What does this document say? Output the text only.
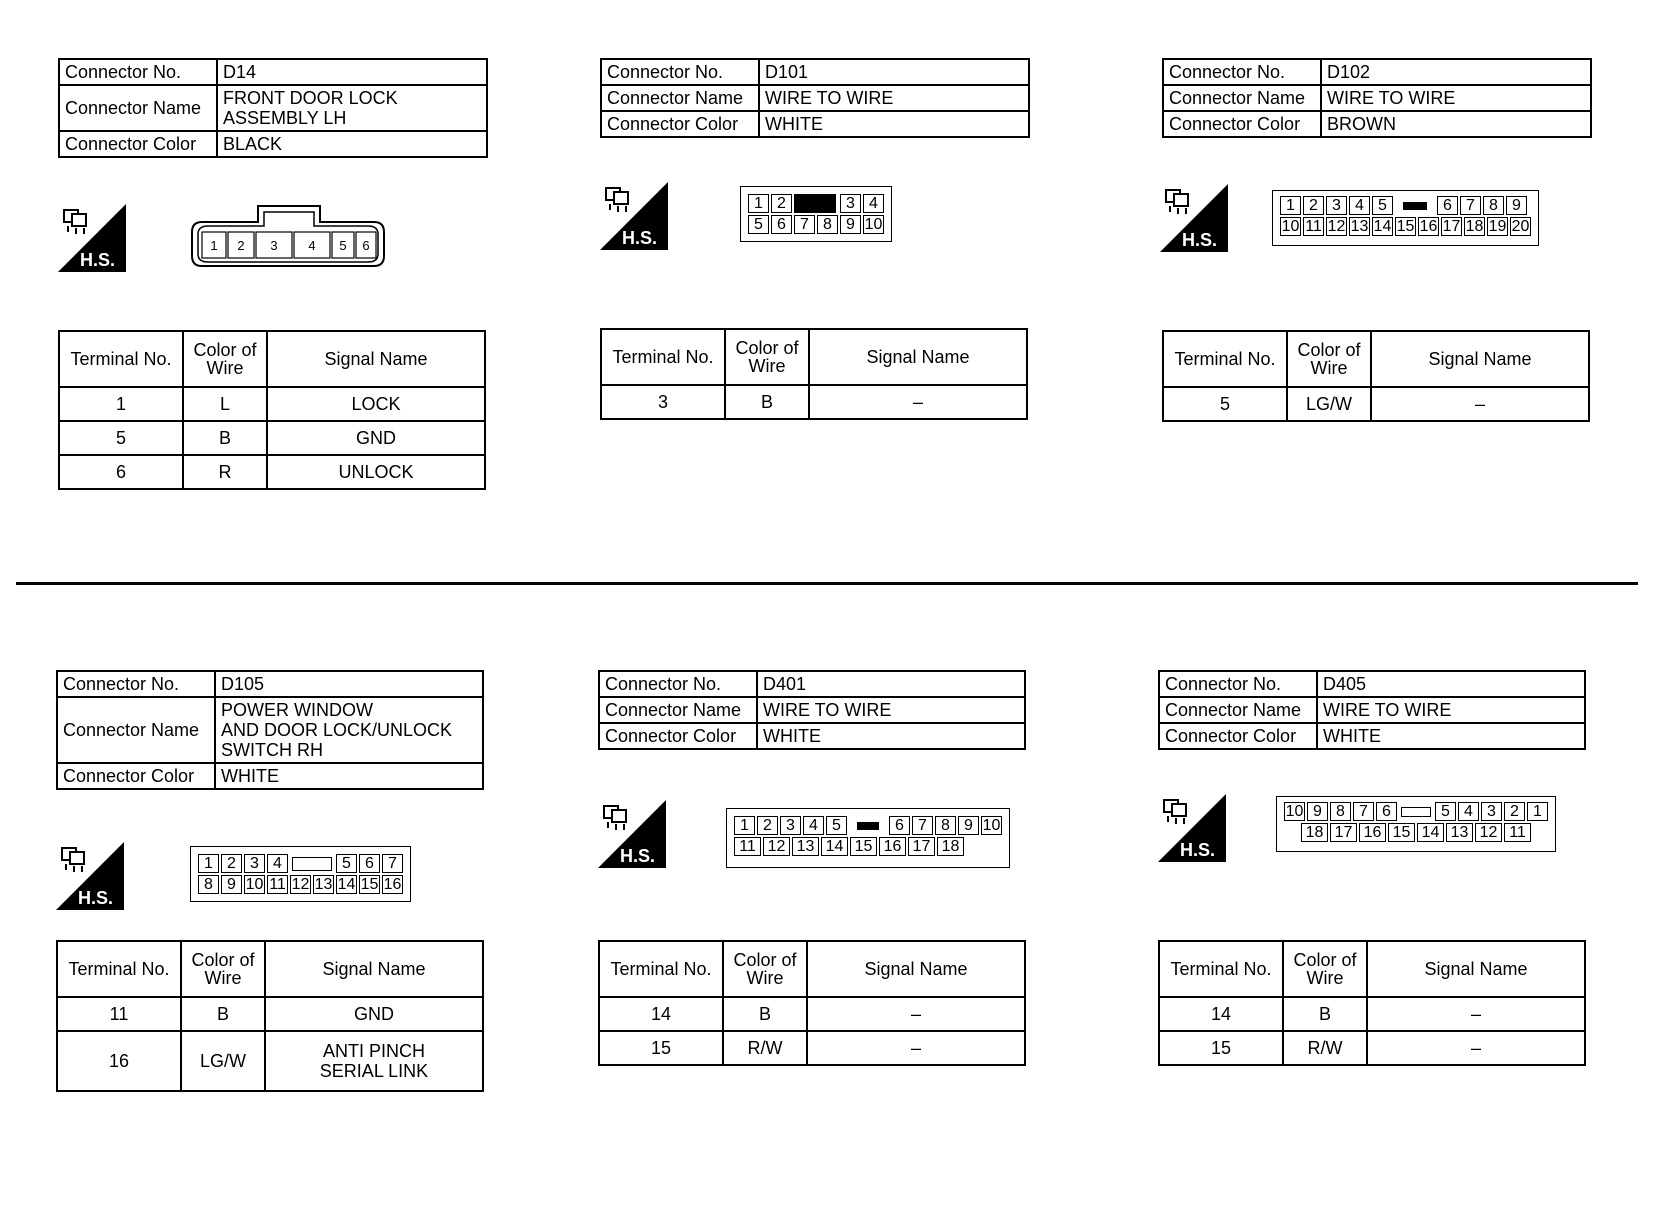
Connector No.	D14
Connector Name	FRONT DOOR LOCK
ASSEMBLY LH
Connector Color	BLACK
H.S.
1 2 3 4 5 6
Terminal No.	Color of
Wire	Signal Name
1	L	LOCK
5	B	GND
6	R	UNLOCK
Connector No.	D101
Connector Name	WIRE TO WIRE
Connector Color	WHITE
H.S.
1 2	3 4
5 6 7 8 9 10
Terminal No.	Color of
Wire	Signal Name
3	B	–
Connector No.	D102
Connector Name	WIRE TO WIRE
Connector Color	BROWN
H.S.
1 2 3 4 5	6 7 8 9
10 11 12 13 14 15 16 17 18 19 20
Terminal No.	Color of
Wire	Signal Name
5	LG/W	–
Connector No.	D105
Connector Name	POWER WINDOW
AND DOOR LOCK/UNLOCK
SWITCH RH
Connector Color	WHITE
H.S.
1 2 3 4	5 6 7
8 9 10 11 12 13 14 15 16
Terminal No.	Color of
Wire	Signal Name
11	B	GND
16	LG/W	ANTI PINCH
SERIAL LINK
Connector No.	D401
Connector Name	WIRE TO WIRE
Connector Color	WHITE
H.S.
1 2 3 4 5	6 7 8 9 10
11 12 13 14 15 16 17 18
Terminal No.	Color of
Wire	Signal Name
14	B	–
15	R/W	–
Connector No.	D405
Connector Name	WIRE TO WIRE
Connector Color	WHITE
H.S.
10 9 8 7 6	5 4 3 2 1
18 17 16 15 14 13 12 11
Terminal No.	Color of
Wire	Signal Name
14	B	–
15	R/W	–
